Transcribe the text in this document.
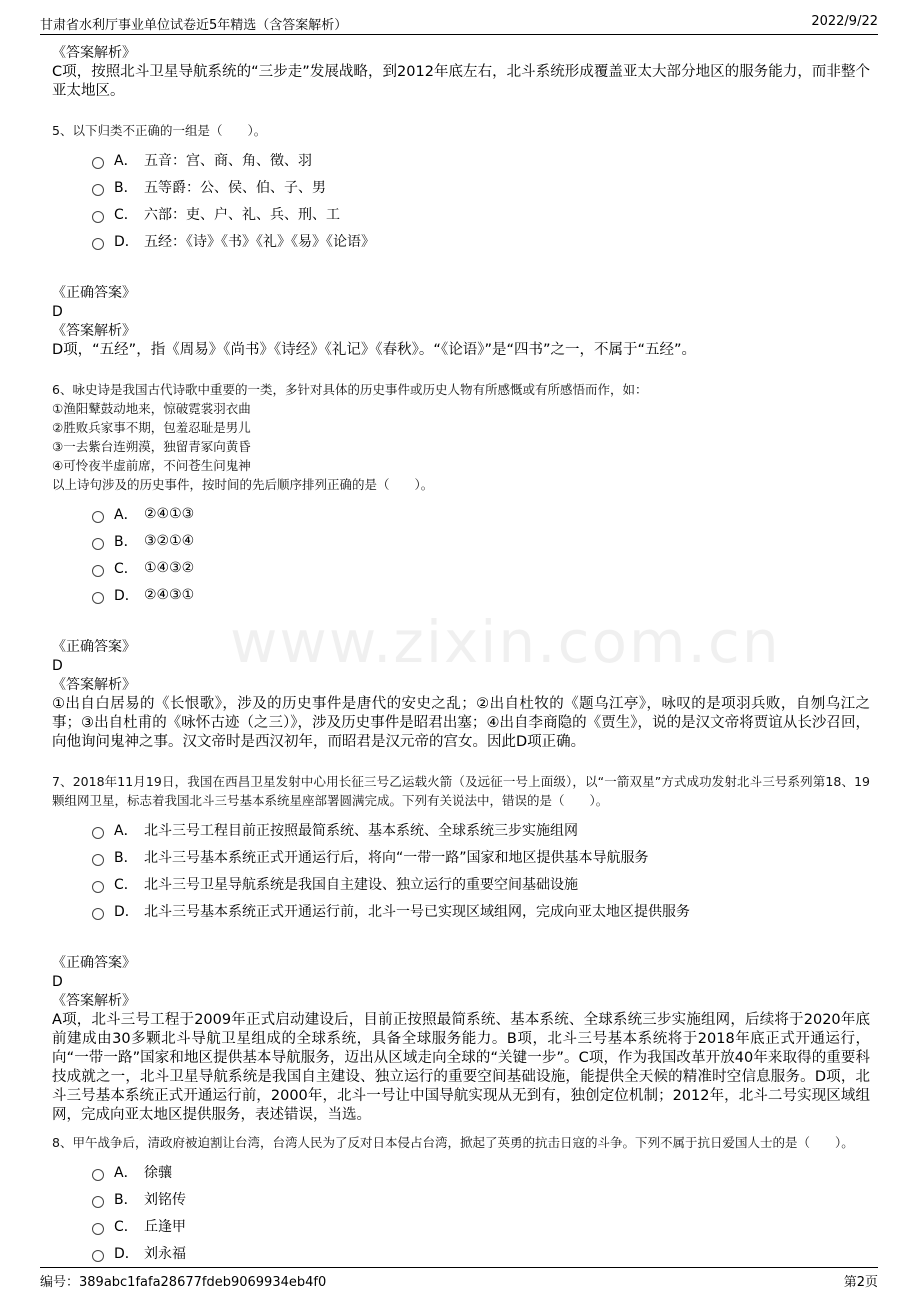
甘肃省水利厅事业单位试卷近5年精选（含答案解析）	2022/9/22
www.zixin.com.cn
《答案解析》

C项，按照北斗卫星导航系统的“三步走”发展战略，到2012年底左右，北斗系统形成覆盖亚太大部分地区的服务能力，而非整个亚太地区。

5、以下归类不正确的一组是（　　）。

A． 五音：宫、商、角、徵、羽
B． 五等爵：公、侯、伯、子、男
C． 六部：吏、户、礼、兵、刑、工
D． 五经：《诗》《书》《礼》《易》《论语》
《正确答案》
D
《答案解析》

D项，“五经”，指《周易》《尚书》《诗经》《礼记》《春秋》。“《论语》”是“四书”之一，不属于“五经”。

6、咏史诗是我国古代诗歌中重要的一类，多针对具体的历史事件或历史人物有所感慨或有所感悟而作，如：

①渔阳鼙鼓动地来，惊破霓裳羽衣曲

②胜败兵家事不期，包羞忍耻是男儿

③一去紫台连朔漠，独留青冢向黄昏

④可怜夜半虚前席，不问苍生问鬼神

以上诗句涉及的历史事件，按时间的先后顺序排列正确的是（　　）。

A． ②④①③
B． ③②①④
C． ①④③②
D． ②④③①
《正确答案》
D
《答案解析》

①出自白居易的《长恨歌》，涉及的历史事件是唐代的安史之乱；②出自杜牧的《题乌江亭》，咏叹的是项羽兵败，自刎乌江之事；③出自杜甫的《咏怀古迹（之三）》，涉及历史事件是昭君出塞；④出自李商隐的《贾生》，说的是汉文帝将贾谊从长沙召回，向他询问鬼神之事。汉文帝时是西汉初年，而昭君是汉元帝的宫女。因此D项正确。

7、2018年11月19日，我国在西昌卫星发射中心用长征三号乙运载火箭（及远征一号上面级），以“一箭双星”方式成功发射北斗三号系列第18、19颗组网卫星，标志着我国北斗三号基本系统星座部署圆满完成。下列有关说法中，错误的是（　　）。

A． 北斗三号工程目前正按照最简系统、基本系统、全球系统三步实施组网
B． 北斗三号基本系统正式开通运行后，将向“一带一路”国家和地区提供基本导航服务
C． 北斗三号卫星导航系统是我国自主建设、独立运行的重要空间基础设施
D． 北斗三号基本系统正式开通运行前，北斗一号已实现区域组网，完成向亚太地区提供服务
《正确答案》
D
《答案解析》

A项，北斗三号工程于2009年正式启动建设后，目前正按照最简系统、基本系统、全球系统三步实施组网，后续将于2020年底前建成由30多颗北斗导航卫星组成的全球系统，具备全球服务能力。B项，北斗三号基本系统将于2018年底正式开通运行，向“一带一路”国家和地区提供基本导航服务，迈出从区域走向全球的“关键一步”。C项，作为我国改革开放40年来取得的重要科技成就之一，北斗卫星导航系统是我国自主建设、独立运行的重要空间基础设施，能提供全天候的精准时空信息服务。D项，北斗三号基本系统正式开通运行前，2000年，北斗一号让中国导航实现从无到有，独创定位机制；2012年，北斗二号实现区域组网，完成向亚太地区提供服务，表述错误，当选。

8、甲午战争后，清政府被迫割让台湾，台湾人民为了反对日本侵占台湾，掀起了英勇的抗击日寇的斗争。下列不属于抗日爱国人士的是（　　）。

A． 徐骧
B． 刘铭传
C． 丘逢甲
D． 刘永福
编号：389abc1fafa28677fdeb9069934eb4f0	第2页
